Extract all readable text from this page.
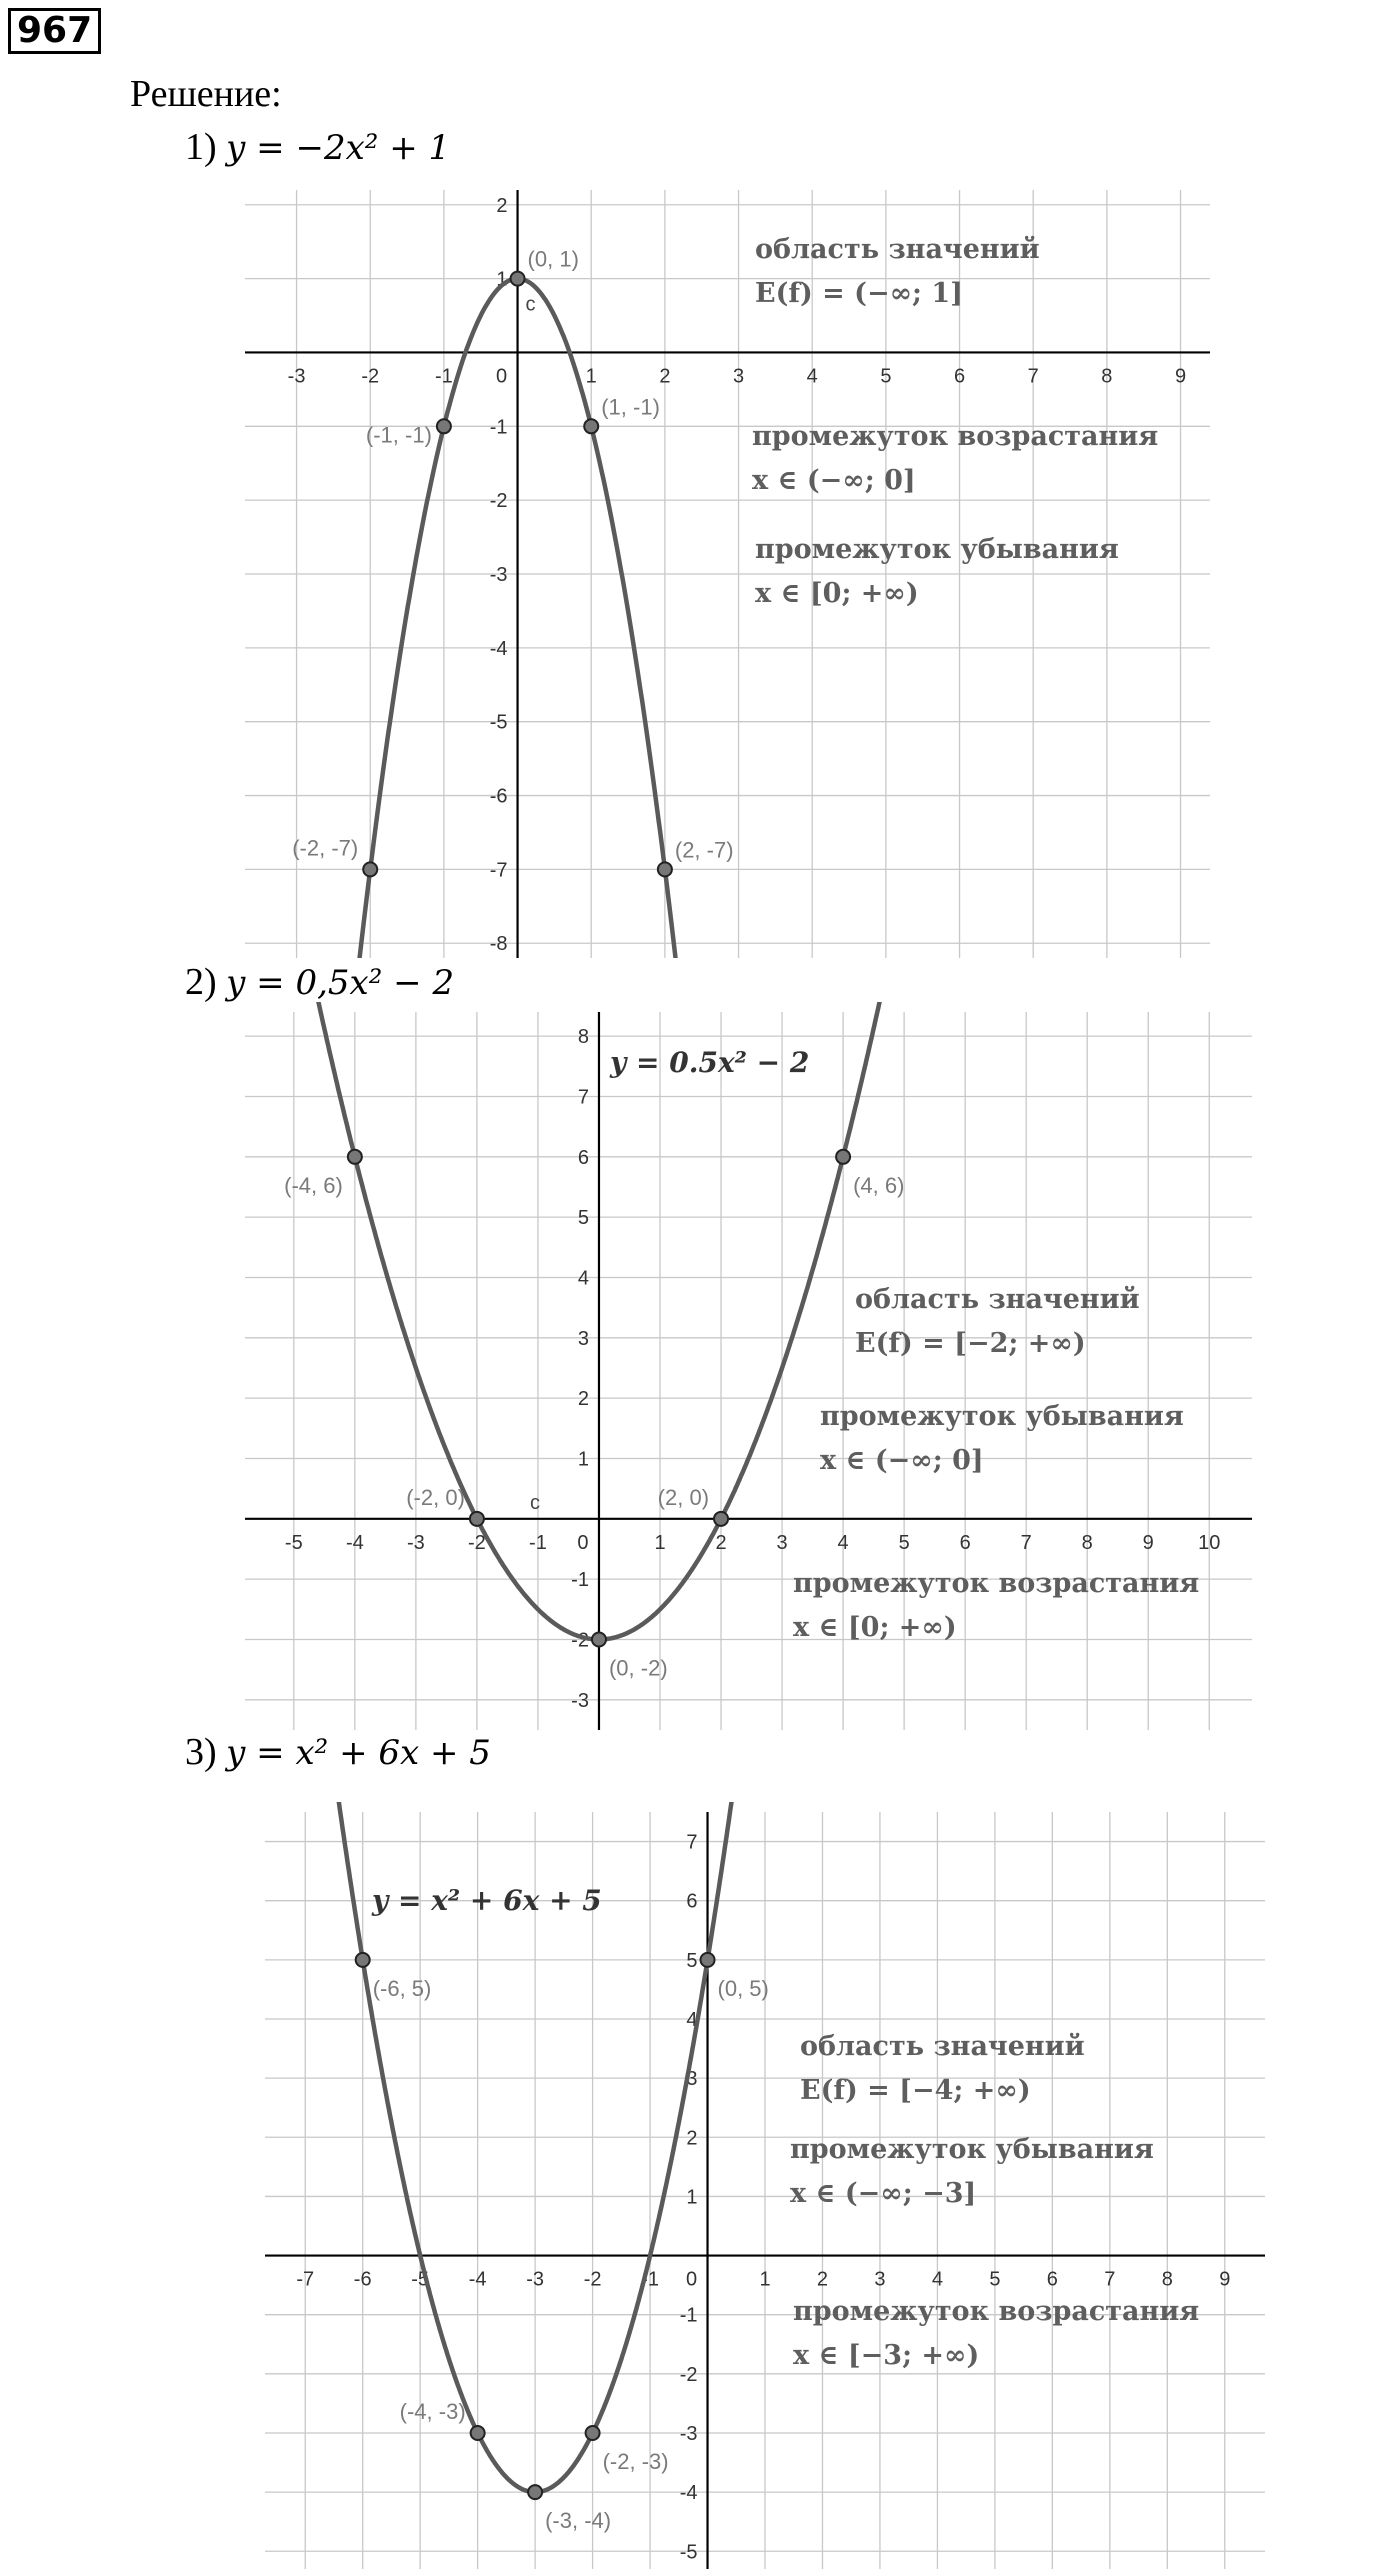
967
Решение:
1) y = −2x² + 1
-3	-2	-1 0	1	2	3	4	5	6	7	8	9
-8
-7
-6
-5
-4
-3
-2
-1
1
2
(0, 1)
(-1, -1)
(1, -1)
(-2, -7)	(2, -7)
c
область значений
E(f) = (−∞; 1]
промежуток возрастания
x ∈ (−∞; 0]
промежуток убывания
x ∈ [0; +∞)
2) y = 0,5x² − 2
-5 -4 -3 -2 -1 0	1 2 3 4 5 6 7 8 9 10
-3
-2
-1
1
2
3
4
5
6
7
8
(-4, 6)	(4, 6)
(-2, 0)	(2, 0)
(0, -2)
c
y = 0.5x² − 2
область значений
E(f) = [−2; +∞)
промежуток убывания
x ∈ (−∞; 0]
промежуток возрастания
x ∈ [0; +∞)
3) y = x² + 6x + 5
-7 -6 -5 -4 -3 -2 -1 0	1 2 3 4 5 6 7 8 9
-5
-4
-3
-2
-1
1
2
3
4
5
6
7
(-6, 5)	(0, 5)
(-4, -3)
(-2, -3)
(-3, -4)
y = x² + 6x + 5
область значений
E(f) = [−4; +∞)
промежуток убывания
x ∈ (−∞; −3]
промежуток возрастания
x ∈ [−3; +∞)
